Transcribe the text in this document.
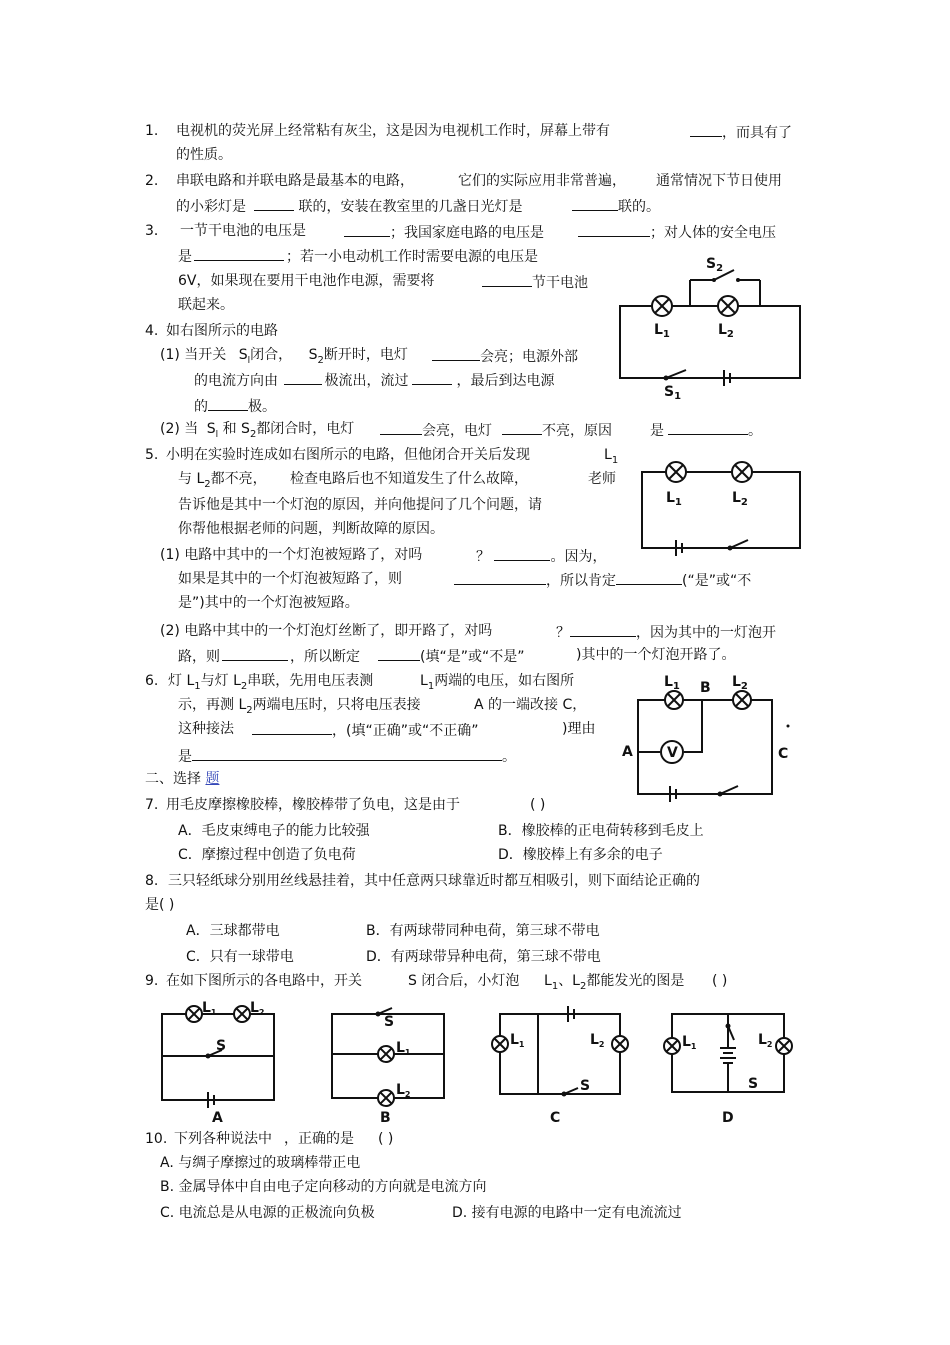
1. 电视机的荧光屏上经常粘有灰尘，这是因为电视机工作时，屏幕上带有	，而具有了
的性质。
2. 串联电路和并联电路是最基本的电路，	它们的实际应用非常普遍， 通常情况下节日使用
的小彩灯是	联的，安装在教室里的几盏日光灯是	联的。
3． 一节干电池的电压是	；我国家庭电路的电压是	；对人体的安全电压
是	；若一小电动机工作时需要电源的电压是
6V，如果现在要用干电池作电源，需要将	节干电池
联起来。
4. 如右图所示的电路
(1) 当开关 $S_l$闭合， $S_2$断开时，电灯	会亮；电源外部
的电流方向由	极流出，流过	，最后到达电源
的	极。
(2) 当 $S_l$ 和 $S_2$都闭合时，电灯	会亮，电灯	不亮，原因	是	。
$S_2$
$L_1$	$L_2$
$S_1$
5. 小明在实验时连成如右图所示的电路，但他闭合开关后发现	$L_1$
与 $L_2$都不亮， 检查电路后也不知道发生了什么故障，	老师
告诉他是其中一个灯泡的原因，并向他提问了几个问题，请
你帮他根据老师的问题，判断故障的原因。
(1) 电路中其中的一个灯泡被短路了，对吗	？	。因为，
如果是其中的一个灯泡被短路了，则	，所以肯定	(“是”或“不
是”)其中的一个灯泡被短路。
(2) 电路中其中的一个灯泡灯丝断了，即开路了，对吗	？	，因为其中的一灯泡开
路，则	，所以断定	(填“是”或“不是”	)其中的一个灯泡开路了。
$L_1$	$L_2$
6. 灯 $L_1$与灯 $L_2$串联，先用电压表测	$L_1$两端的电压，如右图所
示，再测 $L_2$两端电压时，只将电压表接	A 的一端改接 C，
这种接法	，(填“正确”或“不正确”	)理由
是	。	V
$L_1$ B $L_2$
A	C
二、选择 题
7. 用毛皮摩擦橡胶棒，橡胶棒带了负电，这是由于	( )
A．毛皮束缚电子的能力比较强	B．橡胶棒的正电荷转移到毛皮上
C．摩擦过程中创造了负电荷	D．橡胶棒上有多余的电子
8. 三只轻纸球分别用丝线悬挂着，其中任意两只球靠近时都互相吸引，则下面结论正确的
是( )
A．三球都带电	B．有两球带同种电荷，第三球不带电
C．只有一球带电	D．有两球带异种电荷，第三球不带电
9. 在如下图所示的各电路中，开关	S 闭合后，小灯泡 $L_1$、$L_2$都能发光的图是 ( )
$L_1$ $L_2$
S
A
S
$L_1$
$L_2$
B
$L_1$	$L_2$
S
C
$L_1$	$L_2$
S
D
10. 下列各种说法中 ，正确的是 ( )
A. 与绸子摩擦过的玻璃棒带正电
B. 金属导体中自由电子定向移动的方向就是电流方向
C. 电流总是从电源的正极流向负极	D. 接有电源的电路中一定有电流流过
